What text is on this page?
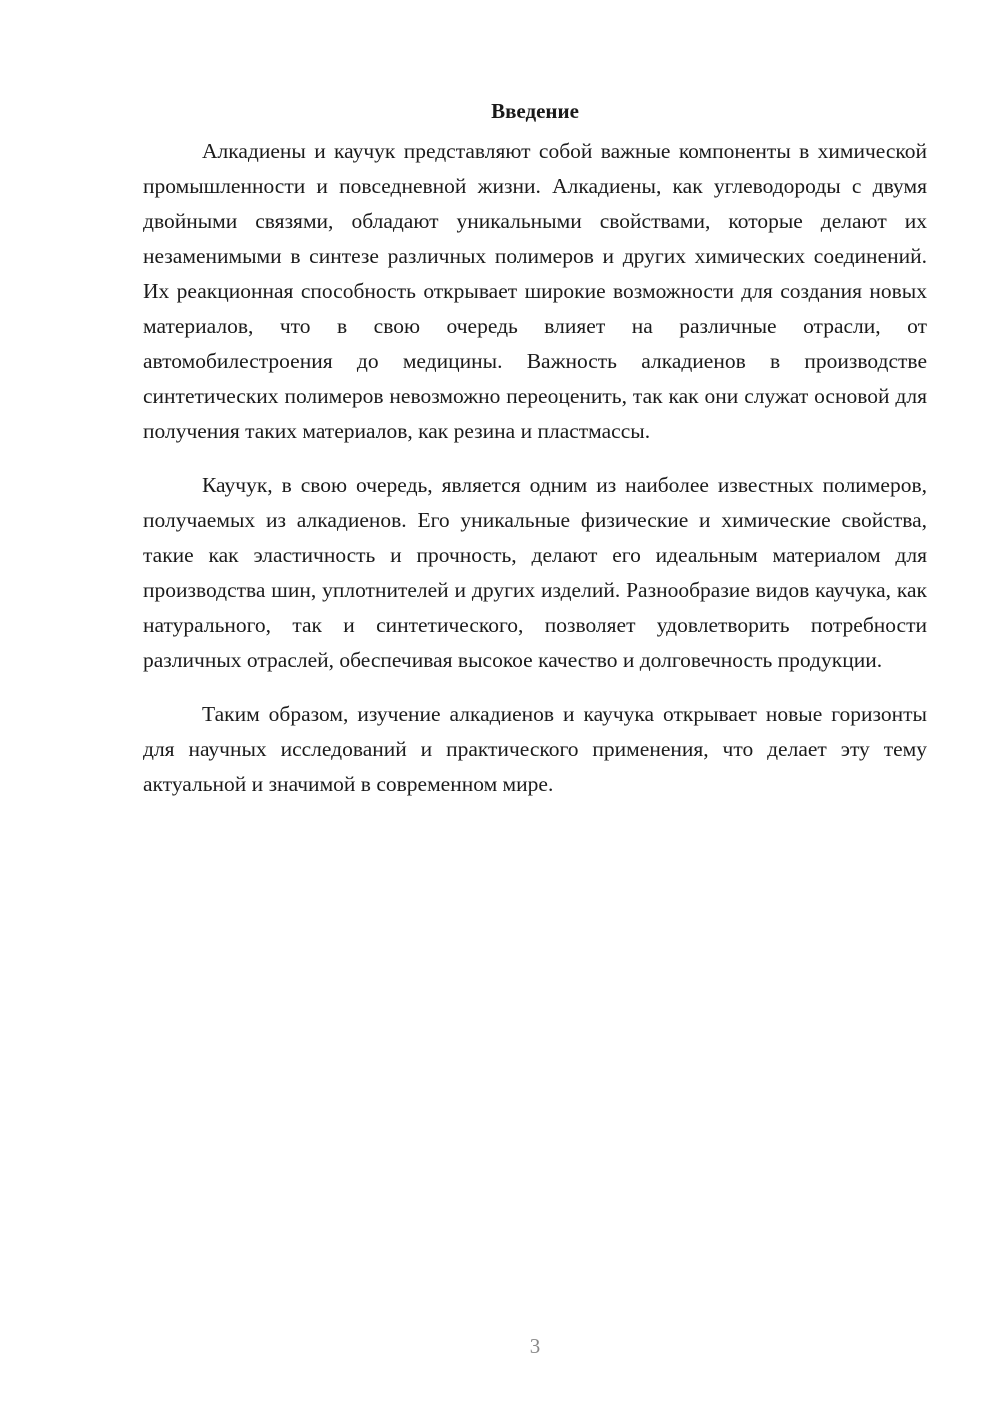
Введение

Алкадиены и каучук представляют собой важные компоненты в химической промышленности и повседневной жизни. Алкадиены, как углеводороды с двумя двойными связями, обладают уникальными свойствами, которые делают их незаменимыми в синтезе различных полимеров и других химических соединений. Их реакционная способность открывает широкие возможности для создания новых материалов, что в свою очередь влияет на различные отрасли, от автомобилестроения до медицины. Важность алкадиенов в производстве синтетических полимеров невозможно переоценить, так как они служат основой для получения таких материалов, как резина и пластмассы.

Каучук, в свою очередь, является одним из наиболее известных полимеров, получаемых из алкадиенов. Его уникальные физические и химические свойства, такие как эластичность и прочность, делают его идеальным материалом для производства шин, уплотнителей и других изделий. Разнообразие видов каучука, как натурального, так и синтетического, позволяет удовлетворить потребности различных отраслей, обеспечивая высокое качество и долговечность продукции.

Таким образом, изучение алкадиенов и каучука открывает новые горизонты для научных исследований и практического применения, что делает эту тему актуальной и значимой в современном мире.

3
